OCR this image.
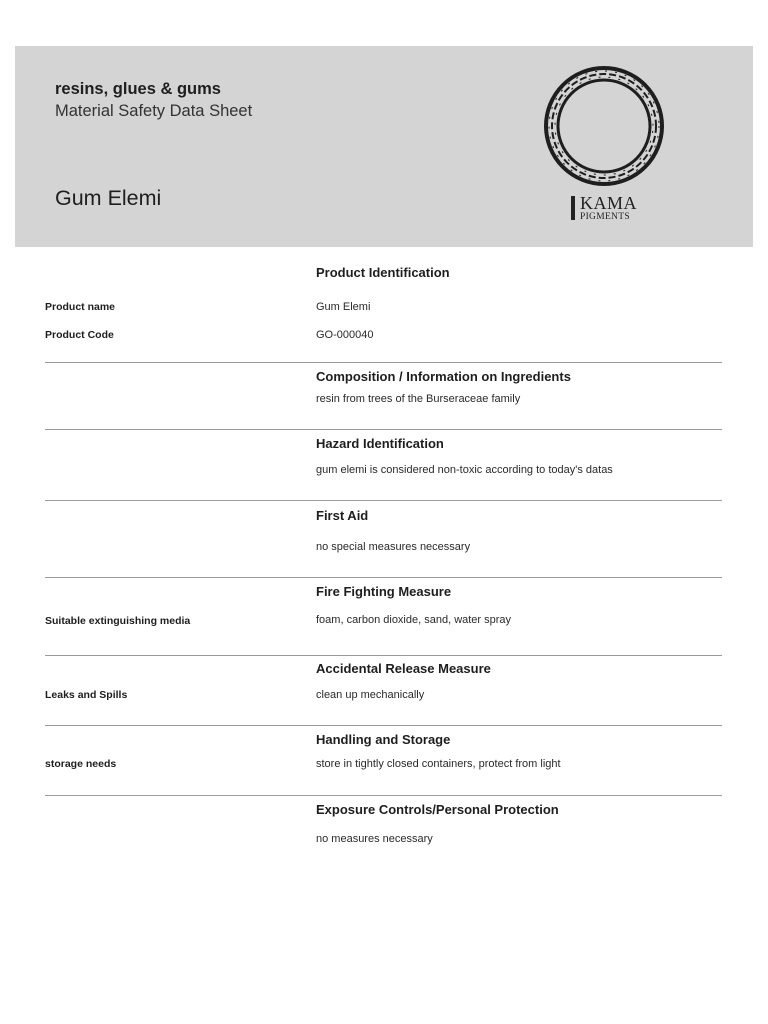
resins, glues & gums
Material Safety Data Sheet
Gum Elemi	KAMA
PIGMENTS
Product Identification
Product name	Gum Elemi
Product Code	GO-000040
Composition / Information on Ingredients
resin from trees of the Burseraceae family
Hazard Identification
gum elemi is considered non-toxic according to today's datas
First Aid
no special measures necessary
Fire Fighting Measure
Suitable extinguishing media	foam, carbon dioxide, sand, water spray
Accidental Release Measure
Leaks and Spills	clean up mechanically
Handling and Storage
storage needs	store in tightly closed containers, protect from light
Exposure Controls/Personal Protection
no measures necessary
